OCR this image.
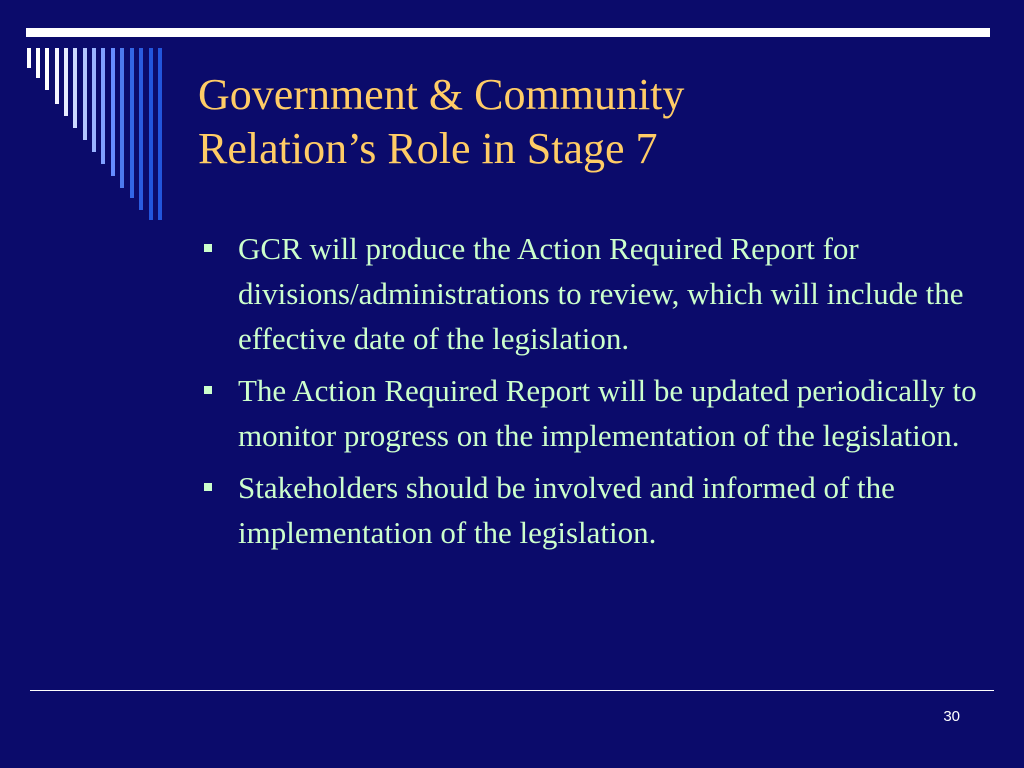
Government & Community
Relation’s Role in Stage 7
GCR will produce the Action Required Report for divisions/administrations to review, which will include the effective date of the legislation.
The Action Required Report will be updated periodically to monitor progress on the implementation of the legislation.
Stakeholders should be involved and informed of the implementation of the legislation.
30
